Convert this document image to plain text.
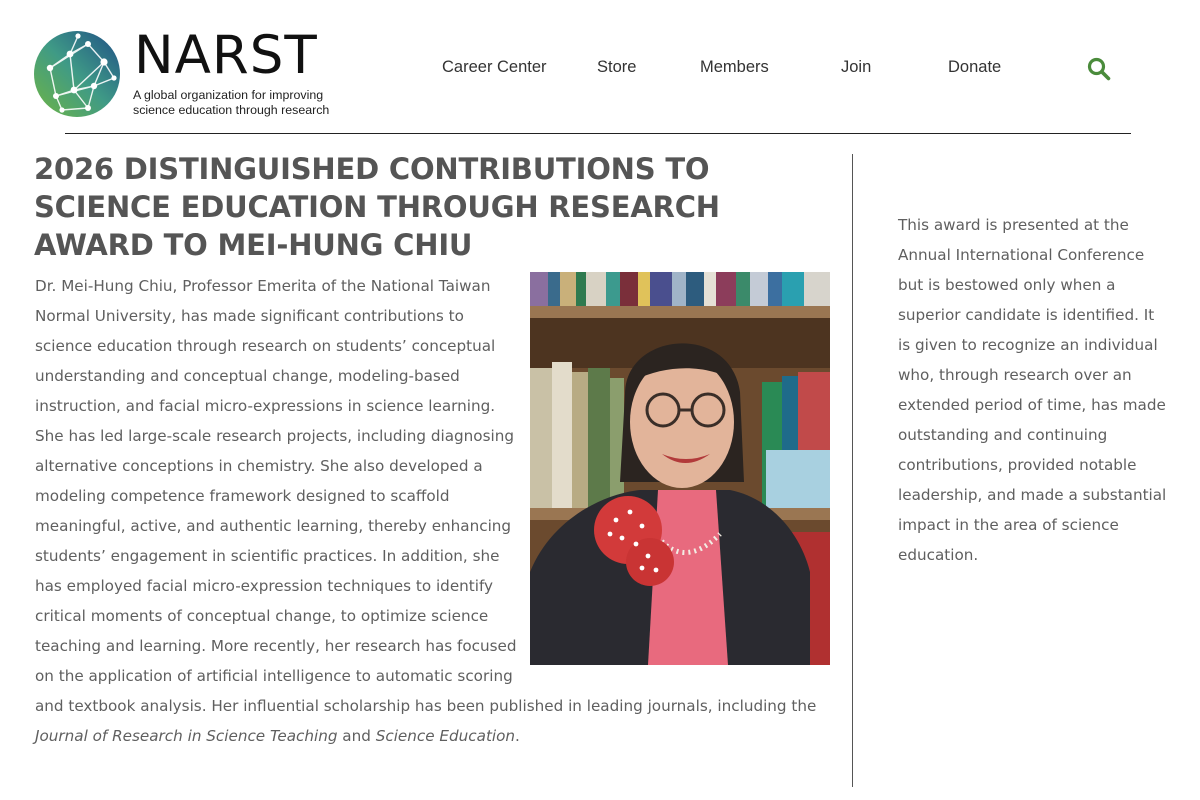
NARST
A global organization for improving
science education through research
Career Center	Store	Members	Join	Donate
2026 DISTINGUISHED CONTRIBUTIONS TO SCIENCE EDUCATION THROUGH RESEARCH AWARD TO MEI-HUNG CHIU
Dr. Mei-Hung Chiu, Professor Emerita of the National Taiwan Normal University, has made significant contributions to science education through research on students’ conceptual understanding and conceptual change, modeling-based instruction, and facial micro-expressions in science learning. She has led large-scale research projects, including diagnosing alternative conceptions in chemistry. She also developed a modeling competence framework designed to scaffold meaningful, active, and authentic learning, thereby enhancing students’ engagement in scientific practices. In addition, she has employed facial micro-expression techniques to identify critical moments of conceptual change, to optimize science teaching and learning. More recently, her research has focused on the application of artificial intelligence to automatic scoring and textbook analysis. Her influential scholarship has been published in leading journals, including the Journal of Research in Science Teaching and Science Education.

This award is presented at the Annual International Conference but is bestowed only when a superior candidate is identified. It is given to recognize an individual who, through research over an extended period of time, has made outstanding and continuing contributions, provided notable leadership, and made a substantial impact in the area of science education.
